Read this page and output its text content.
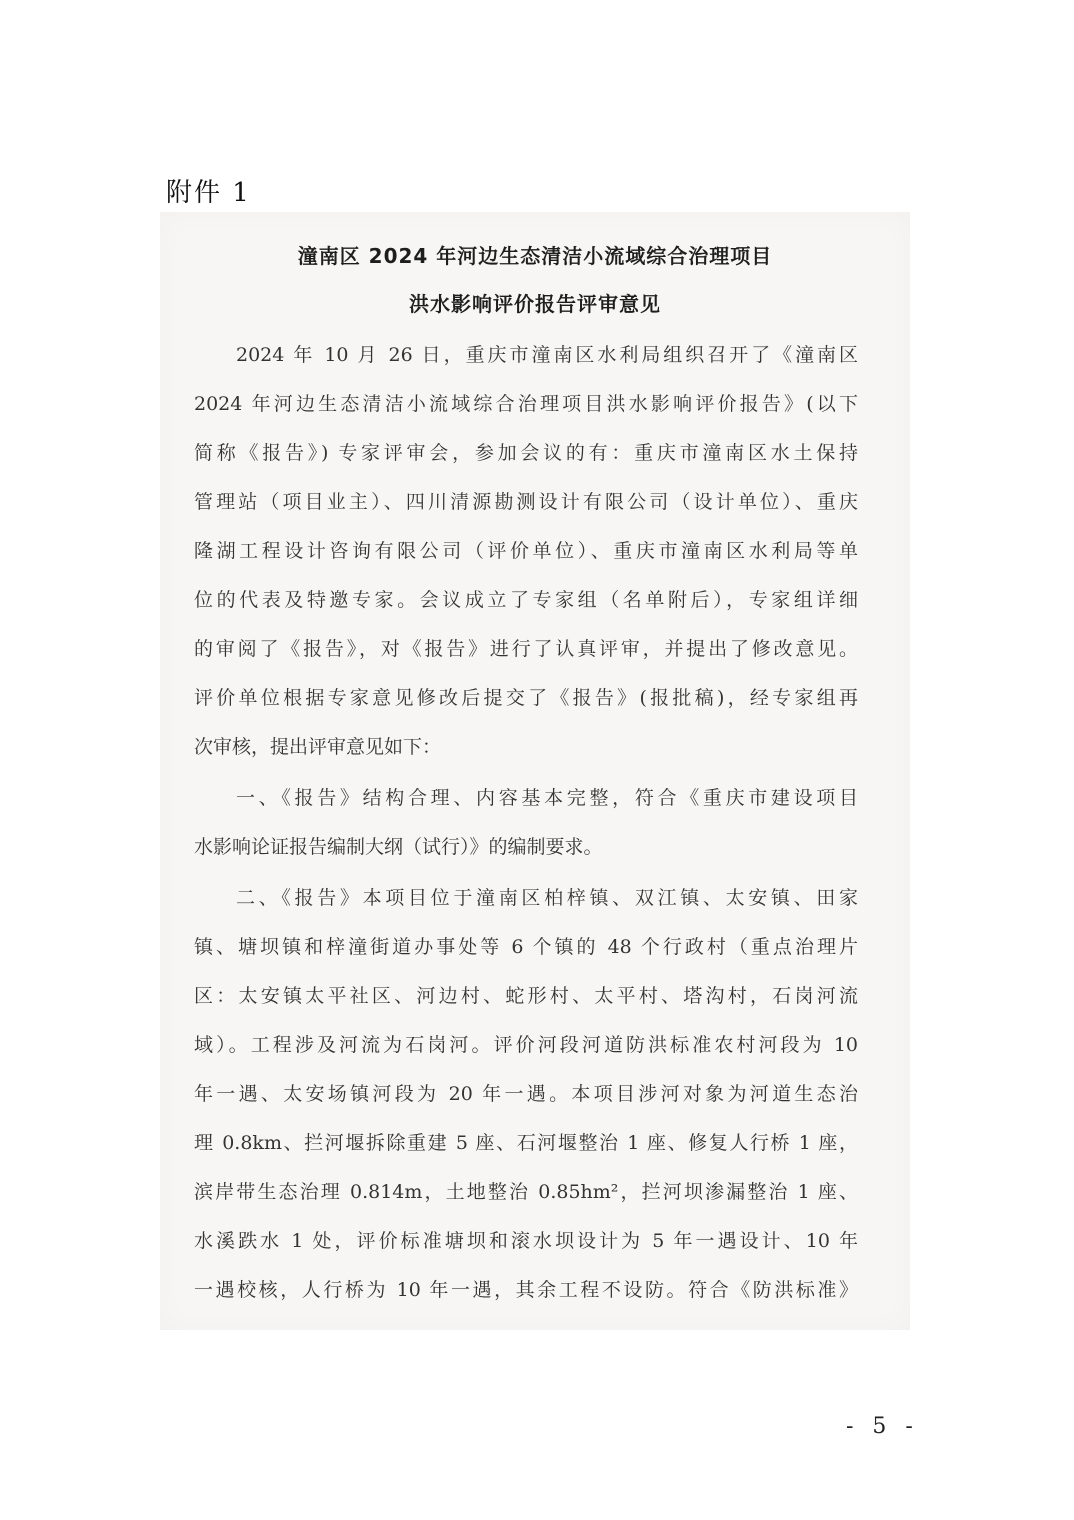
附件 1
潼南区 2024 年河边生态清洁小流域综合治理项目
洪水影响评价报告评审意见
2024 年 10 月 26 日，重庆市潼南区水利局组织召开了《潼南区
2024 年河边生态清洁小流域综合治理项目洪水影响评价报告》(以下
简称《报告》) 专家评审会，参加会议的有：重庆市潼南区水土保持
管理站（项目业主）、四川清源勘测设计有限公司（设计单位）、重庆
隆湖工程设计咨询有限公司（评价单位）、重庆市潼南区水利局等单
位的代表及特邀专家。会议成立了专家组（名单附后），专家组详细
的审阅了《报告》，对《报告》进行了认真评审，并提出了修改意见。
评价单位根据专家意见修改后提交了《报告》(报批稿)，经专家组再
次审核，提出评审意见如下：
一、《报告》结构合理、内容基本完整，符合《重庆市建设项目
水影响论证报告编制大纲（试行）》的编制要求。
二、《报告》本项目位于潼南区柏梓镇、双江镇、太安镇、田家
镇、塘坝镇和梓潼街道办事处等 6 个镇的 48 个行政村（重点治理片
区：太安镇太平社区、河边村、蛇形村、太平村、塔沟村，石岗河流
域）。工程涉及河流为石岗河。评价河段河道防洪标准农村河段为 10
年一遇、太安场镇河段为 20 年一遇。本项目涉河对象为河道生态治
理 0.8km、拦河堰拆除重建 5 座、石河堰整治 1 座、修复人行桥 1 座，
滨岸带生态治理 0.814m，土地整治 0.85hm²，拦河坝渗漏整治 1 座、
水溪跌水 1 处，评价标准塘坝和滚水坝设计为 5 年一遇设计、10 年
一遇校核，人行桥为 10 年一遇，其余工程不设防。符合《防洪标准》
- 5 -
